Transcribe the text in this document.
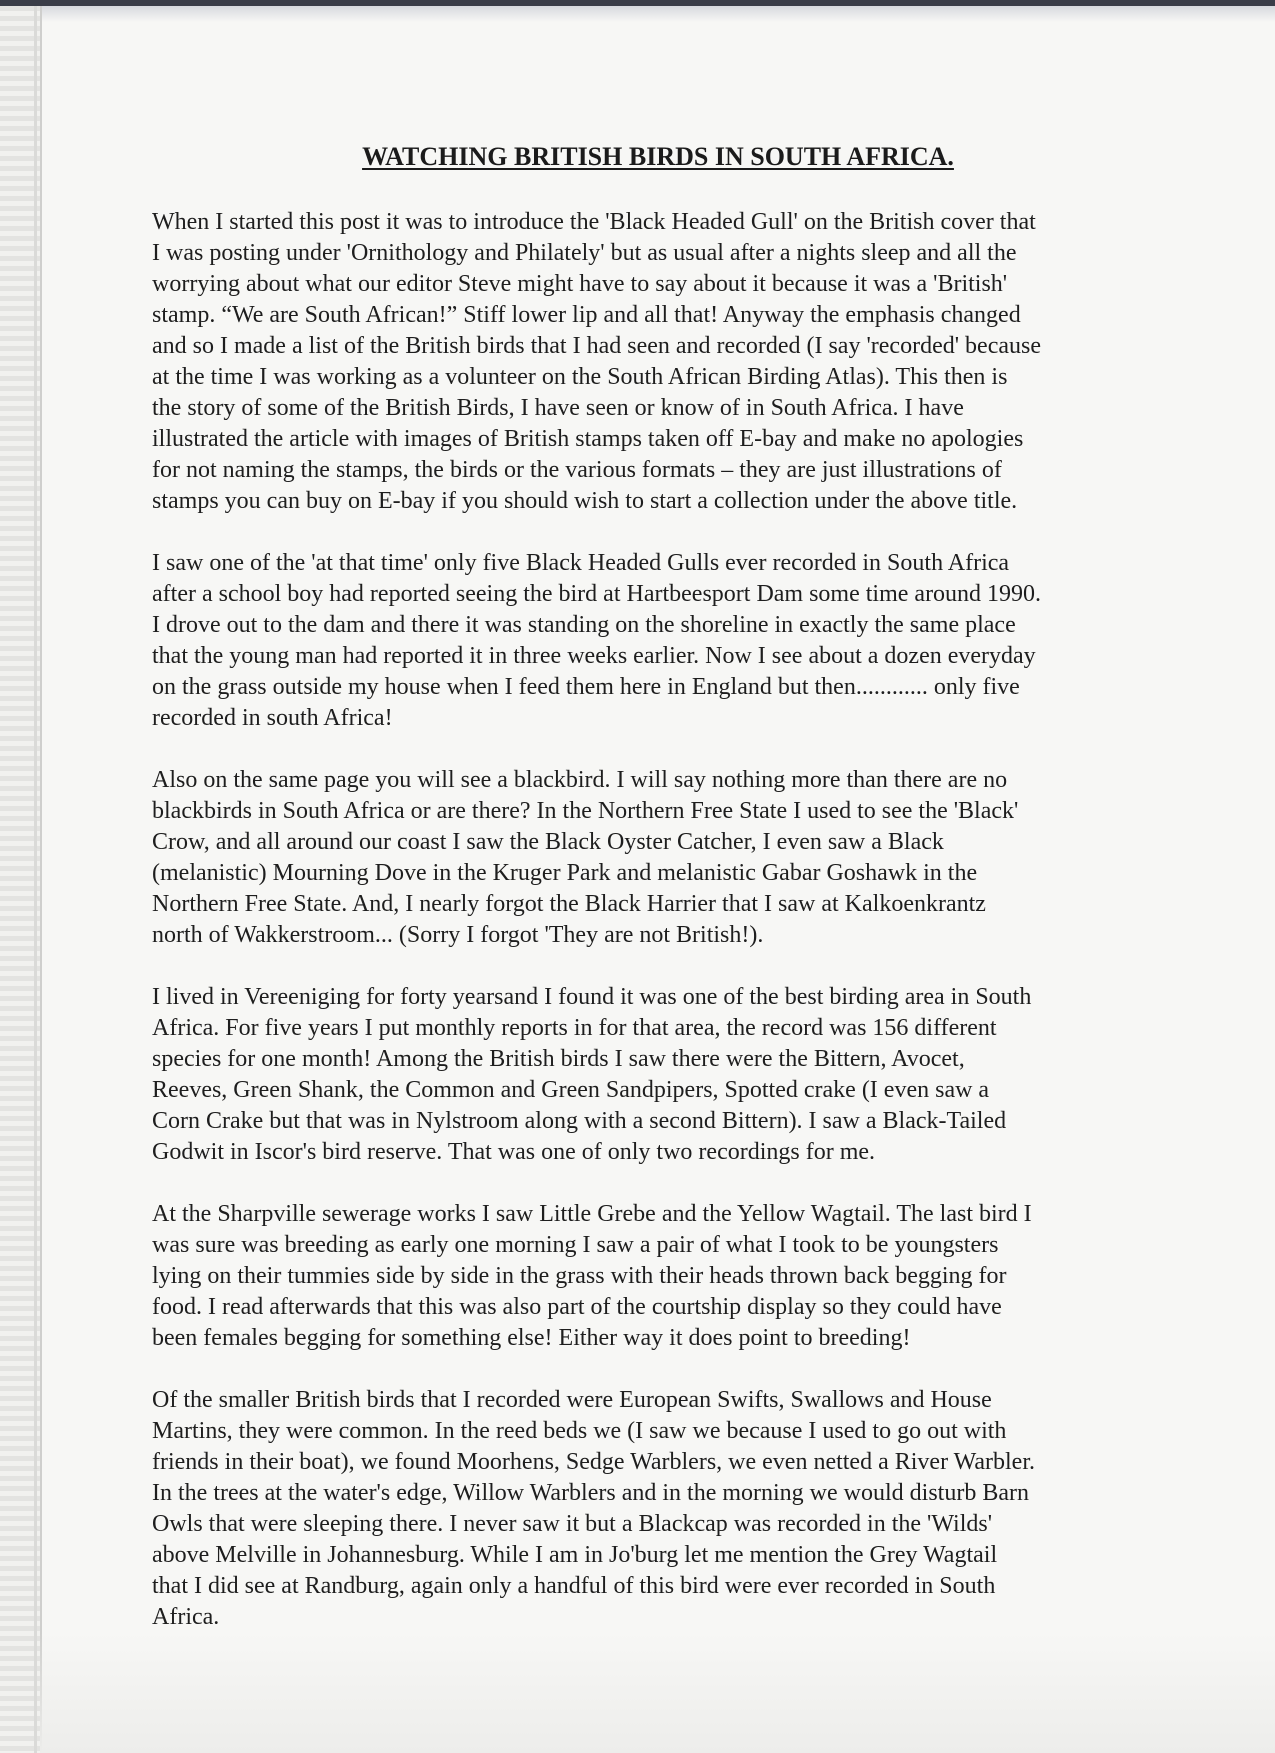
WATCHING BRITISH BIRDS IN SOUTH AFRICA.

When I started this post it was to introduce the 'Black Headed Gull' on the British cover that
I was posting under 'Ornithology and Philately' but as usual after a nights sleep and all the
worrying about what our editor Steve might have to say about it because it was a 'British'
stamp. “We are South African!” Stiff lower lip and all that! Anyway the emphasis changed
and so I made a list of the British birds that I had seen and recorded (I say 'recorded' because
at the time I was working as a volunteer on the South African Birding Atlas). This then is
the story of some of the British Birds, I have seen or know of in South Africa. I have
illustrated the article with images of British stamps taken off E-bay and make no apologies
for not naming the stamps, the birds or the various formats – they are just illustrations of
stamps you can buy on E-bay if you should wish to start a collection under the above title.

I saw one of the 'at that time' only five Black Headed Gulls ever recorded in South Africa
after a school boy had reported seeing the bird at Hartbeesport Dam some time around 1990.
I drove out to the dam and there it was standing on the shoreline in exactly the same place
that the young man had reported it in three weeks earlier. Now I see about a dozen everyday
on the grass outside my house when I feed them here in England but then............ only five
recorded in south Africa!

Also on the same page you will see a blackbird. I will say nothing more than there are no
blackbirds in South Africa or are there? In the Northern Free State I used to see the 'Black'
Crow, and all around our coast I saw the Black Oyster Catcher, I even saw a Black
(melanistic) Mourning Dove in the Kruger Park and melanistic Gabar Goshawk in the
Northern Free State. And, I nearly forgot the Black Harrier that I saw at Kalkoenkrantz
north of Wakkerstroom... (Sorry I forgot 'They are not British!).

I lived in Vereeniging for forty yearsand I found it was one of the best birding area in South
Africa. For five years I put monthly reports in for that area, the record was 156 different
species for one month! Among the British birds I saw there were the Bittern, Avocet,
Reeves, Green Shank, the Common and Green Sandpipers, Spotted crake (I even saw a
Corn Crake but that was in Nylstroom along with a second Bittern). I saw a Black-Tailed
Godwit in Iscor's bird reserve. That was one of only two recordings for me.

At the Sharpville sewerage works I saw Little Grebe and the Yellow Wagtail. The last bird I
was sure was breeding as early one morning I saw a pair of what I took to be youngsters
lying on their tummies side by side in the grass with their heads thrown back begging for
food. I read afterwards that this was also part of the courtship display so they could have
been females begging for something else! Either way it does point to breeding!

Of the smaller British birds that I recorded were European Swifts, Swallows and House
Martins, they were common. In the reed beds we (I saw we because I used to go out with
friends in their boat), we found Moorhens, Sedge Warblers, we even netted a River Warbler.
In the trees at the water's edge, Willow Warblers and in the morning we would disturb Barn
Owls that were sleeping there. I never saw it but a Blackcap was recorded in the 'Wilds'
above Melville in Johannesburg. While I am in Jo'burg let me mention the Grey Wagtail
that I did see at Randburg, again only a handful of this bird were ever recorded in South
Africa.
